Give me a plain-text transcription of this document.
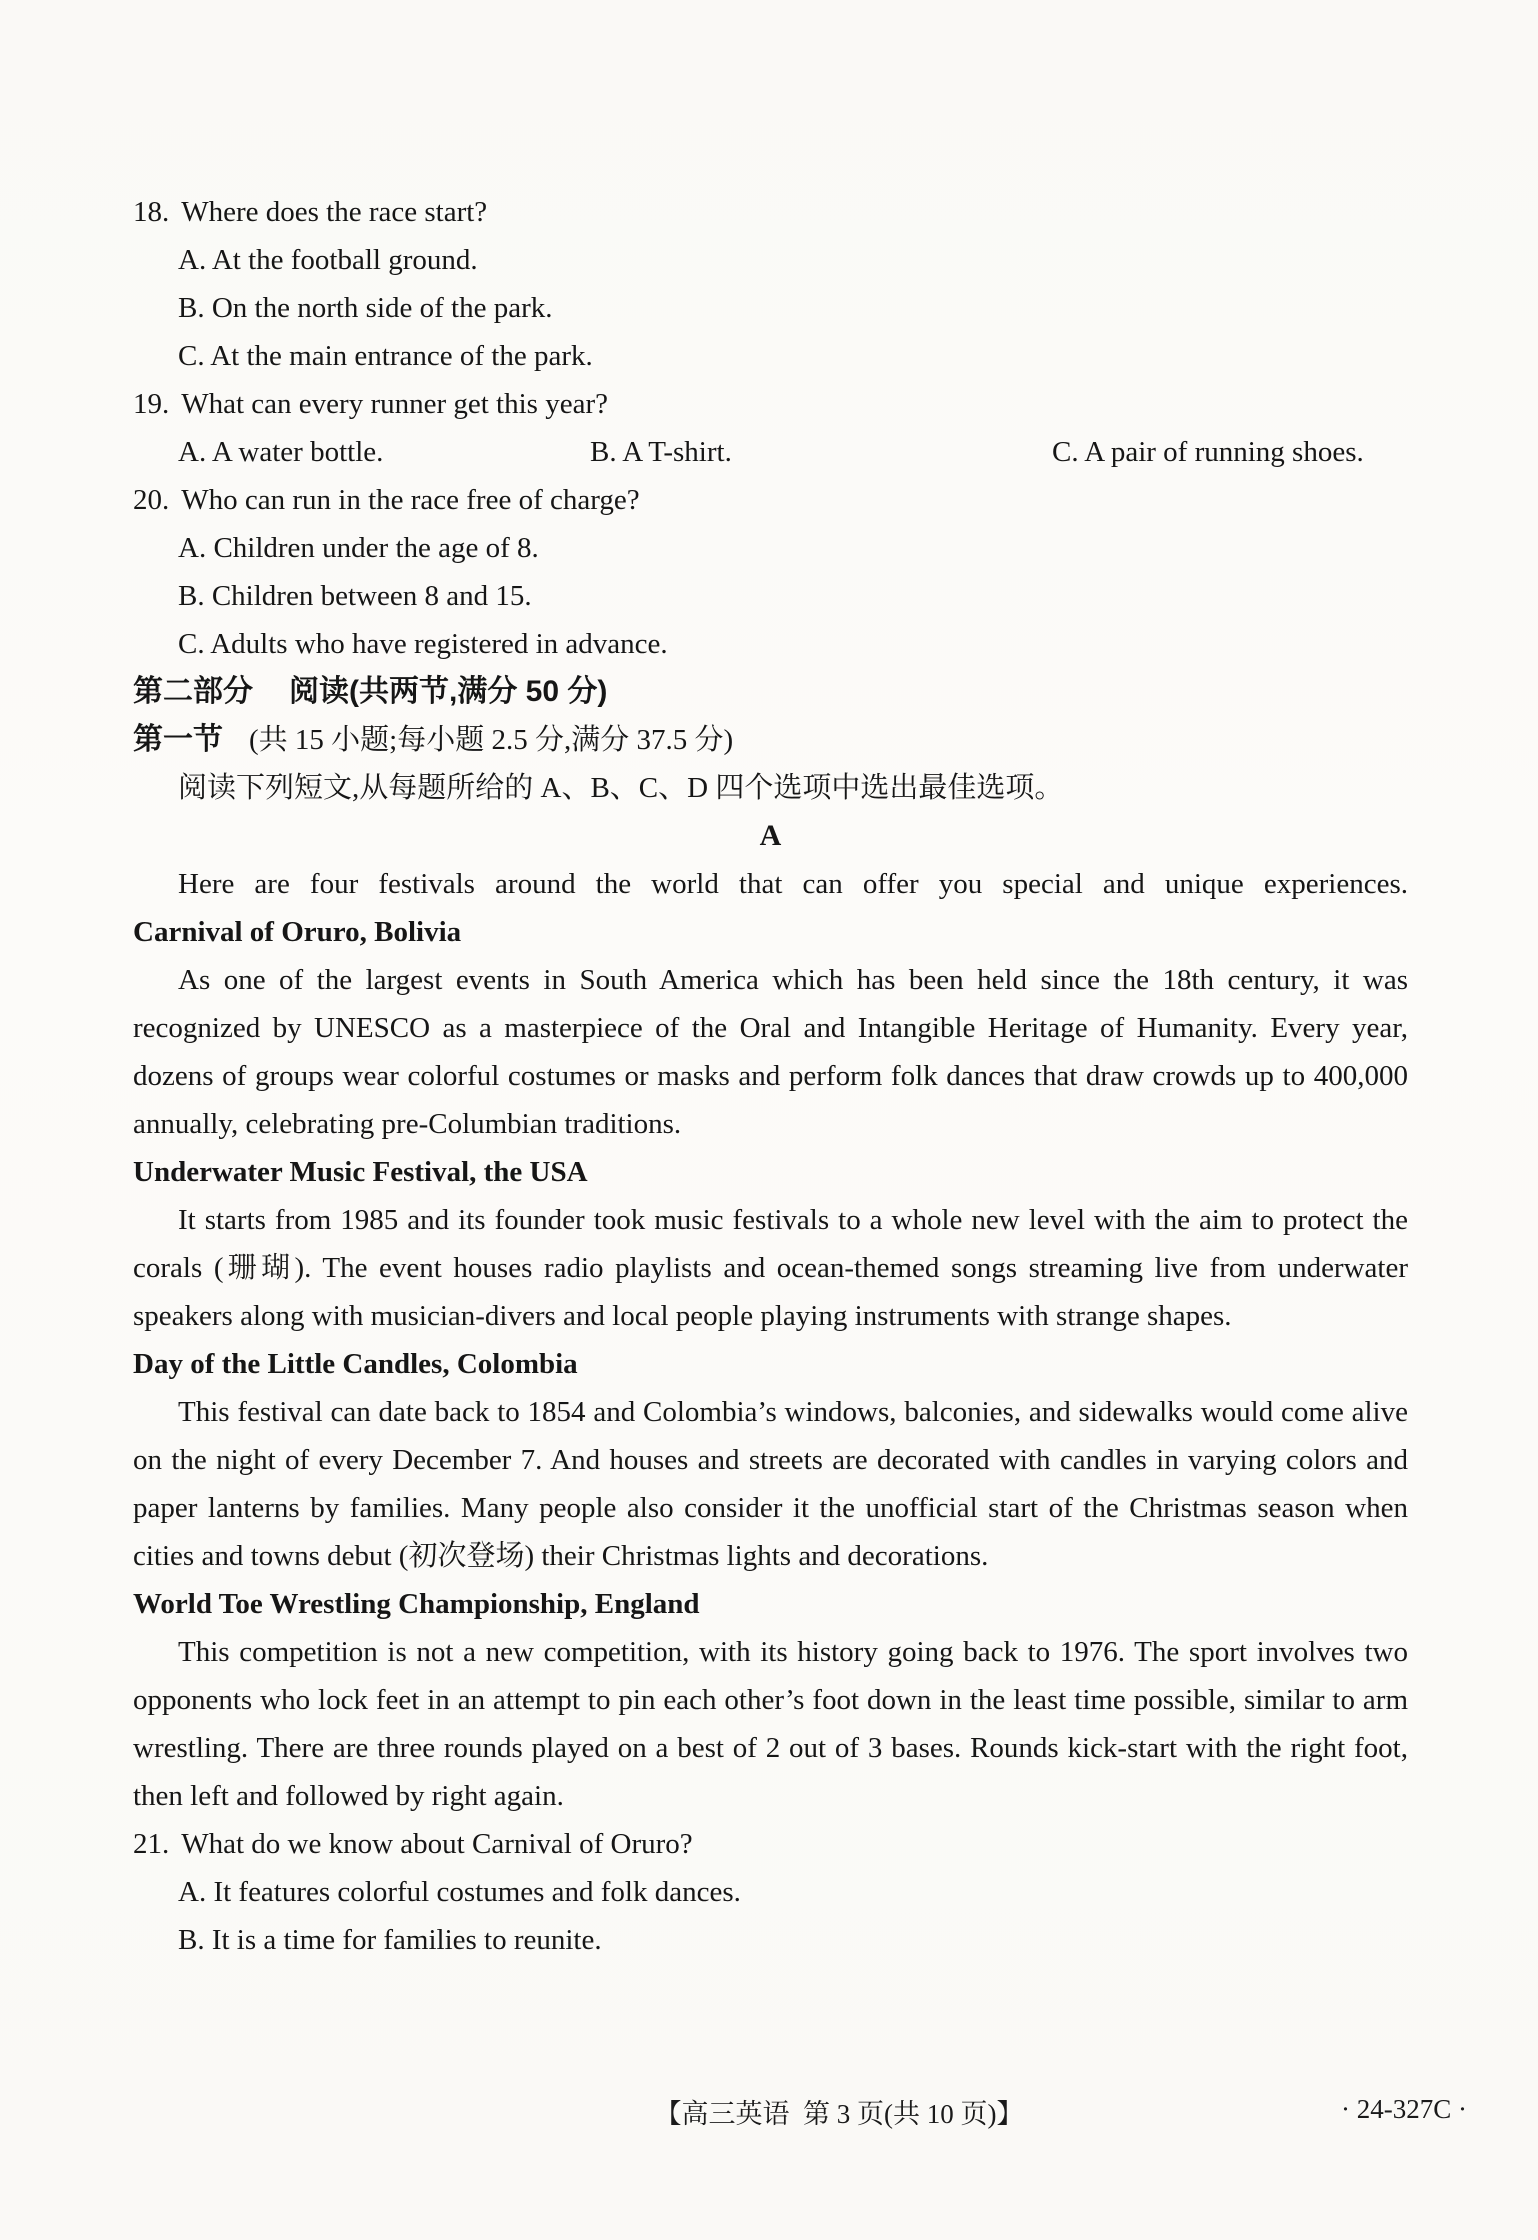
18. Where does the race start?
A. At the football ground.
B. On the north side of the park.
C. At the main entrance of the park.
19. What can every runner get this year?
A. A water bottle.	B. A T-shirt.	C. A pair of running shoes.
20. Who can run in the race free of charge?
A. Children under the age of 8.
B. Children between 8 and 15.
C. Adults who have registered in advance.
第二部分 阅读(共两节,满分 50 分)
第一节 (共 15 小题;每小题 2.5 分,满分 37.5 分)
阅读下列短文,从每题所给的 A、B、C、D 四个选项中选出最佳选项。
A
Here are four festivals around the world that can offer you special and unique experiences.
Carnival of Oruro, Bolivia
As one of the largest events in South America which has been held since the 18th century, it was recognized by UNESCO as a masterpiece of the Oral and Intangible Heritage of Humanity. Every year, dozens of groups wear colorful costumes or masks and perform folk dances that draw crowds up to 400,000 annually, celebrating pre-Columbian traditions.
Underwater Music Festival, the USA
It starts from 1985 and its founder took music festivals to a whole new level with the aim to protect the corals (珊瑚). The event houses radio playlists and ocean-themed songs streaming live from underwater speakers along with musician-divers and local people playing instruments with strange shapes.
Day of the Little Candles, Colombia
This festival can date back to 1854 and Colombia’s windows, balconies, and sidewalks would come alive on the night of every December 7. And houses and streets are decorated with candles in varying colors and paper lanterns by families. Many people also consider it the unofficial start of the Christmas season when cities and towns debut (初次登场) their Christmas lights and decorations.
World Toe Wrestling Championship, England
This competition is not a new competition, with its history going back to 1976. The sport involves two opponents who lock feet in an attempt to pin each other’s foot down in the least time possible, similar to arm wrestling. There are three rounds played on a best of 2 out of 3 bases. Rounds kick-start with the right foot, then left and followed by right again.
21. What do we know about Carnival of Oruro?
A. It features colorful costumes and folk dances.
B. It is a time for families to reunite.
【高三英语  第 3 页(共 10 页)】	· 24-327C ·
